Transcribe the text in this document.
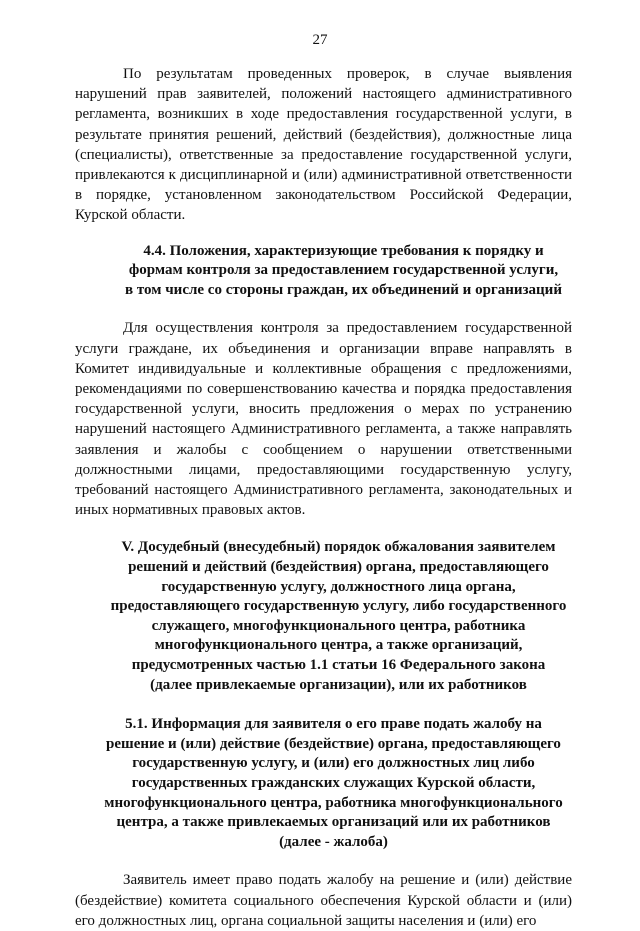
27

По результатам проведенных проверок, в случае выявления нарушений прав заявителей, положений настоящего административного регламента, возникших в ходе предоставления государственной услуги, в результате принятия решений, действий (бездействия), должностные лица (специалисты), ответственные за предоставление государственной услуги, привлекаются к дисциплинарной и (или) административной ответственности в порядке, установленном законодательством Российской Федерации, Курской области.

4.4. Положения, характеризующие требования к порядку и формам контроля за предоставлением государственной услуги, в том числе со стороны граждан, их объединений и организаций

Для осуществления контроля за предоставлением государственной услуги граждане, их объединения и организации вправе направлять в Комитет индивидуальные и коллективные обращения с предложениями, рекомендациями по совершенствованию качества и порядка предоставления государственной услуги, вносить предложения о мерах по устранению нарушений настоящего Административного регламента, а также направлять заявления и жалобы с сообщением о нарушении ответственными должностными лицами, предоставляющими государственную услугу, требований настоящего Административного регламента, законодательных и иных нормативных правовых актов.

V. Досудебный (внесудебный) порядок обжалования заявителем решений и действий (бездействия) органа, предоставляющего государственную услугу, должностного лица органа, предоставляющего государственную услугу, либо государственного служащего, многофункционального центра, работника многофункционального центра, а также организаций, предусмотренных частью 1.1 статьи 16 Федерального закона (далее привлекаемые организации), или их работников

5.1. Информация для заявителя о его праве подать жалобу на решение и (или) действие (бездействие) органа, предоставляющего государственную услугу, и (или) его должностных лиц либо государственных гражданских служащих Курской области, многофункционального центра, работника многофункционального центра, а также привлекаемых организаций или их работников (далее - жалоба)

Заявитель имеет право подать жалобу на решение и (или) действие (бездействие) комитета социального обеспечения Курской области и (или) его должностных лиц, органа социальной защиты населения и (или) его
